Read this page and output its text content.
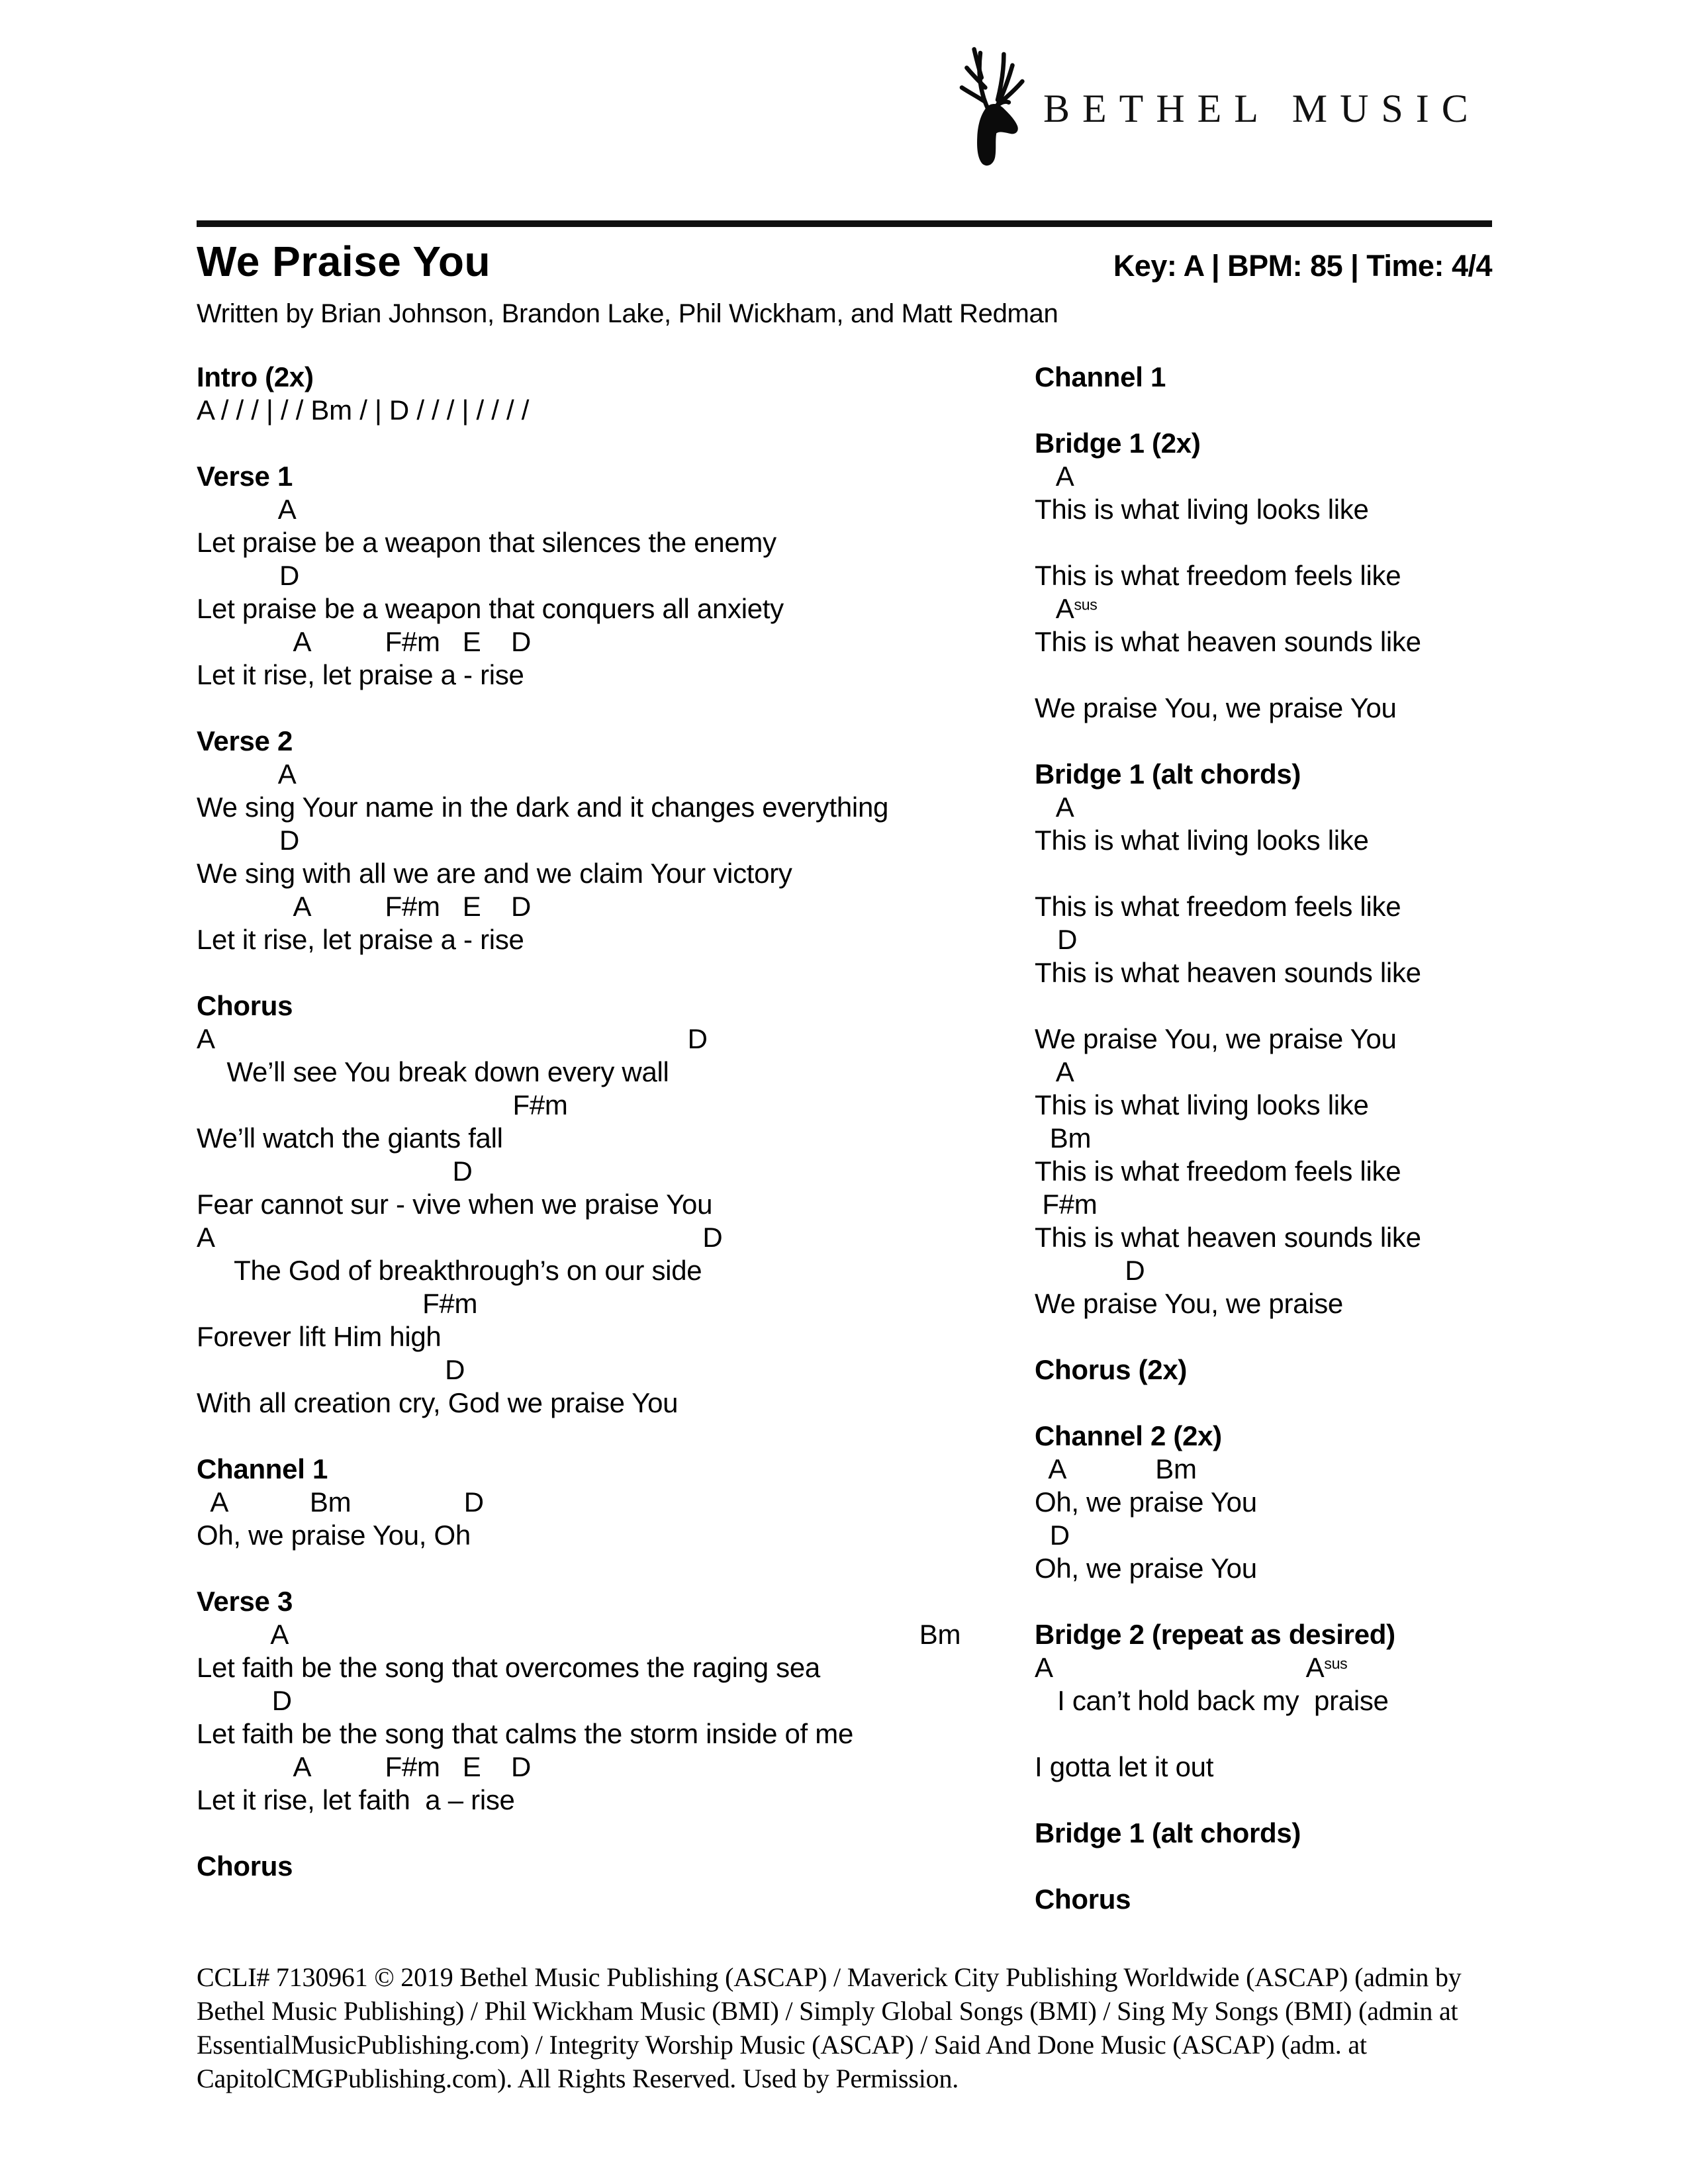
BETHEL MUSIC
We Praise You	Key: A | BPM: 85 | Time: 4/4
Written by Brian Johnson, Brandon Lake, Phil Wickham, and Matt Redman
Intro (2x)
A / / / | / / Bm / | D / / / | / / / /
Verse 1
A
Let praise be a weapon that silences the enemy
D
Let praise be a weapon that conquers all anxiety
A          F#m   E    D
Let it rise, let praise a - rise
Verse 2
A
We sing Your name in the dark and it changes everything
D
We sing with all we are and we claim Your victory
A          F#m   E    D
Let it rise, let praise a - rise
Chorus
A                                                               D
We’ll see You break down every wall
F#m
We’ll watch the giants fall
D
Fear cannot sur - vive when we praise You
A                                                                 D
The God of breakthrough’s on our side
F#m
Forever lift Him high
D
With all creation cry, God we praise You
Channel 1
A           Bm               D
Oh, we praise You, Oh
Verse 3
A                                                                                    Bm
Let faith be the song that overcomes the raging sea
D
Let faith be the song that calms the storm inside of me
A          F#m   E    D
Let it rise, let faith  a – rise
Chorus
Channel 1
Bridge 1 (2x)
A
This is what living looks like
This is what freedom feels like
$A^{sus}$
This is what heaven sounds like
We praise You, we praise You
Bridge 1 (alt chords)
A
This is what living looks like
This is what freedom feels like
D
This is what heaven sounds like
We praise You, we praise You
A
This is what living looks like
Bm
This is what freedom feels like
F#m
This is what heaven sounds like
D
We praise You, we praise
Chorus (2x)
Channel 2 (2x)
A            Bm
Oh, we praise You
D
Oh, we praise You
Bridge 2 (repeat as desired)
A                                  $A^{sus}$
I can’t hold back my  praise
I gotta let it out
Bridge 1 (alt chords)
Chorus
CCLI# 7130961 © 2019 Bethel Music Publishing (ASCAP) / Maverick City Publishing Worldwide (ASCAP) (admin by
Bethel Music Publishing) / Phil Wickham Music (BMI) / Simply Global Songs (BMI) / Sing My Songs (BMI) (admin at
EssentialMusicPublishing.com) / Integrity Worship Music (ASCAP) / Said And Done Music (ASCAP) (adm. at
CapitolCMGPublishing.com). All Rights Reserved. Used by Permission.
